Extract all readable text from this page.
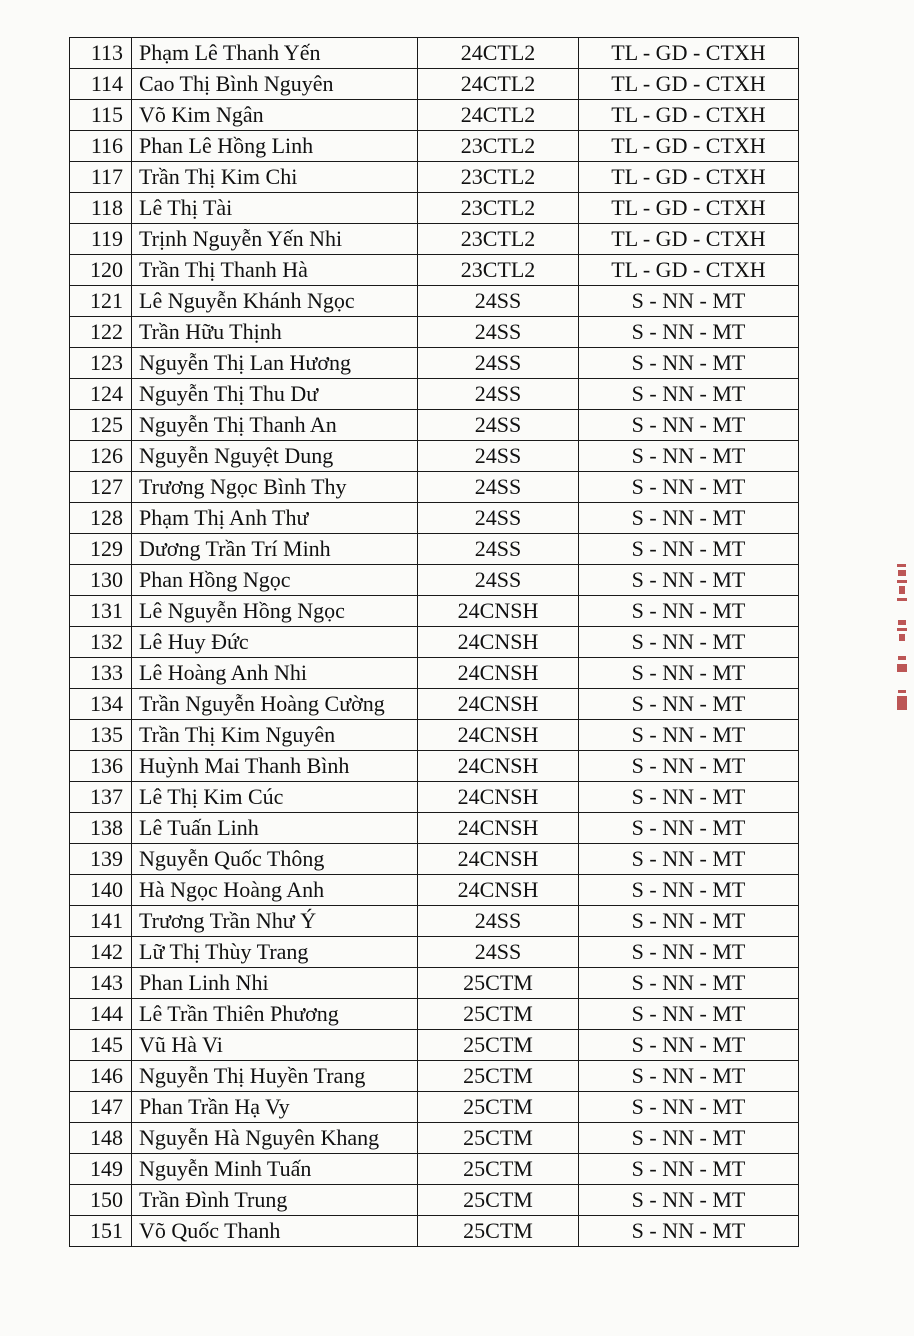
113	Phạm Lê Thanh Yến	24CTL2	TL - GD - CTXH
114	Cao Thị Bình Nguyên	24CTL2	TL - GD - CTXH
115	Võ Kim Ngân	24CTL2	TL - GD - CTXH
116	Phan Lê Hồng Linh	23CTL2	TL - GD - CTXH
117	Trần Thị Kim Chi	23CTL2	TL - GD - CTXH
118	Lê Thị Tài	23CTL2	TL - GD - CTXH
119	Trịnh Nguyễn Yến Nhi	23CTL2	TL - GD - CTXH
120	Trần Thị Thanh Hà	23CTL2	TL - GD - CTXH
121	Lê Nguyễn Khánh Ngọc	24SS	S - NN - MT
122	Trần Hữu Thịnh	24SS	S - NN - MT
123	Nguyễn Thị Lan Hương	24SS	S - NN - MT
124	Nguyễn Thị Thu Dư	24SS	S - NN - MT
125	Nguyễn Thị Thanh An	24SS	S - NN - MT
126	Nguyễn Nguyệt Dung	24SS	S - NN - MT
127	Trương Ngọc Bình Thy	24SS	S - NN - MT
128	Phạm Thị Anh Thư	24SS	S - NN - MT
129	Dương Trần Trí Minh	24SS	S - NN - MT
130	Phan Hồng Ngọc	24SS	S - NN - MT
131	Lê Nguyễn Hồng Ngọc	24CNSH	S - NN - MT
132	Lê Huy Đức	24CNSH	S - NN - MT
133	Lê Hoàng Anh Nhi	24CNSH	S - NN - MT
134	Trần Nguyễn Hoàng Cường	24CNSH	S - NN - MT
135	Trần Thị Kim Nguyên	24CNSH	S - NN - MT
136	Huỳnh Mai Thanh Bình	24CNSH	S - NN - MT
137	Lê Thị Kim Cúc	24CNSH	S - NN - MT
138	Lê Tuấn Linh	24CNSH	S - NN - MT
139	Nguyễn Quốc Thông	24CNSH	S - NN - MT
140	Hà Ngọc Hoàng Anh	24CNSH	S - NN - MT
141	Trương Trần Như Ý	24SS	S - NN - MT
142	Lữ Thị Thùy Trang	24SS	S - NN - MT
143	Phan Linh Nhi	25CTM	S - NN - MT
144	Lê Trần Thiên Phương	25CTM	S - NN - MT
145	Vũ Hà Vi	25CTM	S - NN - MT
146	Nguyễn Thị Huyền Trang	25CTM	S - NN - MT
147	Phan Trần Hạ Vy	25CTM	S - NN - MT
148	Nguyễn Hà Nguyên Khang	25CTM	S - NN - MT
149	Nguyễn Minh Tuấn	25CTM	S - NN - MT
150	Trần Đình Trung	25CTM	S - NN - MT
151	Võ Quốc Thanh	25CTM	S - NN - MT
